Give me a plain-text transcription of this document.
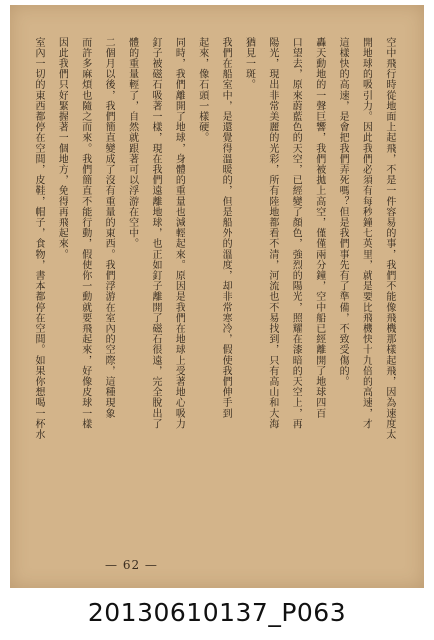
空中飛行時從地面上起飛，不是一件容易的事，我們不能像飛機那樣起飛，因為速度太
開地球的吸引力。因此我們必須有每秒鐘七英里，就是要比飛機快十九倍的高速，才
這樣快的高速，是會把我們弄死嗎？但是我們事先有了準備，不致受傷的。
轟天動地的一聲巨響，我們被拋上高空，僅僅兩分鐘，空中船已經離開了地球四百
口望去，原來蔚藍色的天空，已經變了顏色，強烈的陽光，照耀在漆暗的天空上，再
陽光，現出非常美麗的光彩，所有陸地都看不清，河流也不易找到，只有高山和大海
猶見一斑。
我們在船室中，是還覺得溫暖的，但是船外的溫度，却非常寒冷，假使我們伸手到
起來，像石頭一樣硬。
同時，我們離開了地球，身體的重量也減輕起來。原因是我們在地球上受著地心吸力
釘子被磁石吸著一樣，現在我們遠離地球，也正如釘子離開了磁石很遠，完全脫出了
體的重量輕了，自然就跟著可以浮游在空中。
二個月以後，我們簡直變成了沒有重量的東西。我們浮游在室內的空際，這種現象
而許多麻煩也隨之而來。我們簡直不能行動，假使你一動就要飛起來，好像皮球一樣
因此我們只好緊握著一個地方，免得再飛起來。
室內一切的東西都停在空間，皮鞋，帽子，食物，書本都停在空間。如果你想喝一杯水
— 62 —
20130610137_P063
